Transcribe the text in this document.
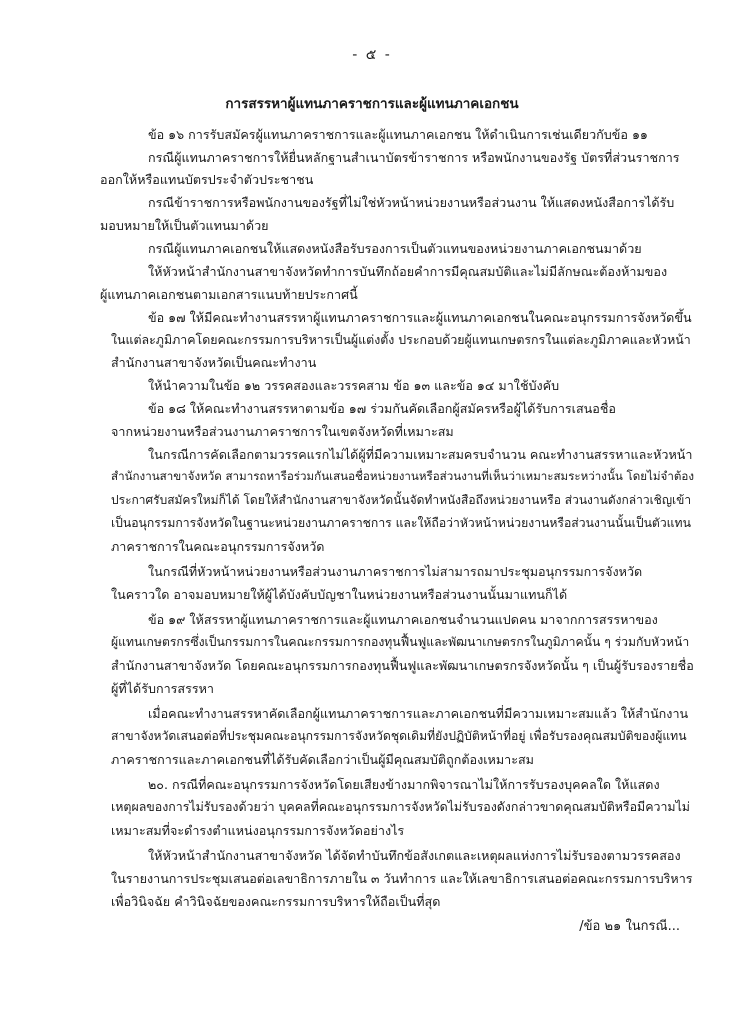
- ๕ -
การสรรหาผู้แทนภาคราชการและผู้แทนภาคเอกชน
ข้อ ๑๖ การรับสมัครผู้แทนภาคราชการและผู้แทนภาคเอกชน ให้ดำเนินการเช่นเดียวกับข้อ ๑๑
กรณีผู้แทนภาคราชการให้ยื่นหลักฐานสำเนาบัตรข้าราชการ หรือพนักงานของรัฐ บัตรที่ส่วนราชการ
ออกให้หรือแทนบัตรประจำตัวประชาชน
กรณีข้าราชการหรือพนักงานของรัฐที่ไม่ใช่หัวหน้าหน่วยงานหรือส่วนงาน ให้แสดงหนังสือการได้รับ
มอบหมายให้เป็นตัวแทนมาด้วย
กรณีผู้แทนภาคเอกชนให้แสดงหนังสือรับรองการเป็นตัวแทนของหน่วยงานภาคเอกชนมาด้วย
ให้หัวหน้าสำนักงานสาขาจังหวัดทำการบันทึกถ้อยคำการมีคุณสมบัติและไม่มีลักษณะต้องห้ามของ
ผู้แทนภาคเอกชนตามเอกสารแนบท้ายประกาศนี้
ข้อ ๑๗ ให้มีคณะทำงานสรรหาผู้แทนภาคราชการและผู้แทนภาคเอกชนในคณะอนุกรรมการจังหวัดขึ้น
ในแต่ละภูมิภาคโดยคณะกรรมการบริหารเป็นผู้แต่งตั้ง ประกอบด้วยผู้แทนเกษตรกรในแต่ละภูมิภาคและหัวหน้า
สำนักงานสาขาจังหวัดเป็นคณะทำงาน
ให้นำความในข้อ ๑๒ วรรคสองและวรรคสาม ข้อ ๑๓ และข้อ ๑๔ มาใช้บังคับ
ข้อ ๑๘ ให้คณะทำงานสรรหาตามข้อ ๑๗ ร่วมกันคัดเลือกผู้สมัครหรือผู้ได้รับการเสนอชื่อ
จากหน่วยงานหรือส่วนงานภาคราชการในเขตจังหวัดที่เหมาะสม
ในกรณีการคัดเลือกตามวรรคแรกไม่ได้ผู้ที่มีความเหมาะสมครบจำนวน คณะทำงานสรรหาและหัวหน้า
สำนักงานสาขาจังหวัด สามารถหารือร่วมกันเสนอชื่อหน่วยงานหรือส่วนงานที่เห็นว่าเหมาะสมระหว่างนั้น โดยไม่จำต้อง
ประกาศรับสมัครใหม่ก็ได้ โดยให้สำนักงานสาขาจังหวัดนั้นจัดทำหนังสือถึงหน่วยงานหรือ ส่วนงานดังกล่าวเชิญเข้า
เป็นอนุกรรมการจังหวัดในฐานะหน่วยงานภาคราชการ และให้ถือว่าหัวหน้าหน่วยงานหรือส่วนงานนั้นเป็นตัวแทน
ภาคราชการในคณะอนุกรรมการจังหวัด
ในกรณีที่หัวหน้าหน่วยงานหรือส่วนงานภาคราชการไม่สามารถมาประชุมอนุกรรมการจังหวัด
ในคราวใด อาจมอบหมายให้ผู้ได้บังคับบัญชาในหน่วยงานหรือส่วนงานนั้นมาแทนก็ได้
ข้อ ๑๙ ให้สรรหาผู้แทนภาคราชการและผู้แทนภาคเอกชนจำนวนแปดคน มาจากการสรรหาของ
ผู้แทนเกษตรกรซึ่งเป็นกรรมการในคณะกรรมการกองทุนฟื้นฟูและพัฒนาเกษตรกรในภูมิภาคนั้น ๆ ร่วมกับหัวหน้า
สำนักงานสาขาจังหวัด โดยคณะอนุกรรมการกองทุนฟื้นฟูและพัฒนาเกษตรกรจังหวัดนั้น ๆ เป็นผู้รับรองรายชื่อ
ผู้ที่ได้รับการสรรหา
เมื่อคณะทำงานสรรหาคัดเลือกผู้แทนภาคราชการและภาคเอกชนที่มีความเหมาะสมแล้ว ให้สำนักงาน
สาขาจังหวัดเสนอต่อที่ประชุมคณะอนุกรรมการจังหวัดชุดเดิมที่ยังปฏิบัติหน้าที่อยู่ เพื่อรับรองคุณสมบัติของผู้แทน
ภาคราชการและภาคเอกชนที่ได้รับคัดเลือกว่าเป็นผู้มีคุณสมบัติถูกต้องเหมาะสม
๒๐. กรณีที่คณะอนุกรรมการจังหวัดโดยเสียงข้างมากพิจารณาไม่ให้การรับรองบุคคลใด ให้แสดง
เหตุผลของการไม่รับรองด้วยว่า บุคคลที่คณะอนุกรรมการจังหวัดไม่รับรองดังกล่าวขาดคุณสมบัติหรือมีความไม่
เหมาะสมที่จะดำรงตำแหน่งอนุกรรมการจังหวัดอย่างไร
ให้หัวหน้าสำนักงานสาขาจังหวัด ได้จัดทำบันทึกข้อสังเกตและเหตุผลแห่งการไม่รับรองตามวรรคสอง
ในรายงานการประชุมเสนอต่อเลขาธิการภายใน ๓ วันทำการ และให้เลขาธิการเสนอต่อคณะกรรมการบริหาร
เพื่อวินิจฉัย คำวินิจฉัยของคณะกรรมการบริหารให้ถือเป็นที่สุด
/ข้อ ๒๑ ในกรณี...
